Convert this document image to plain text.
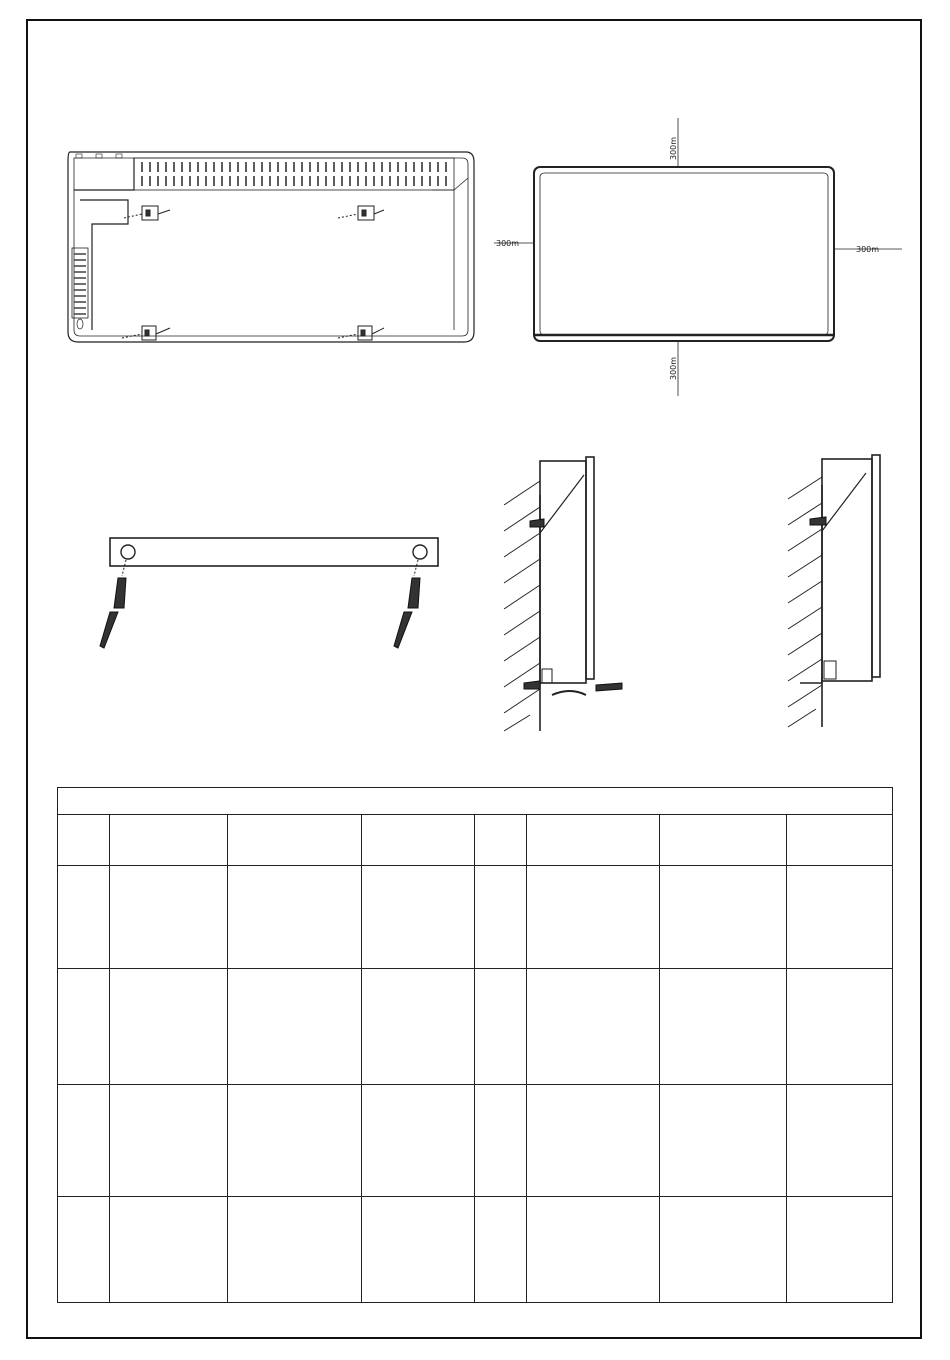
300m
300m
300m
300m
